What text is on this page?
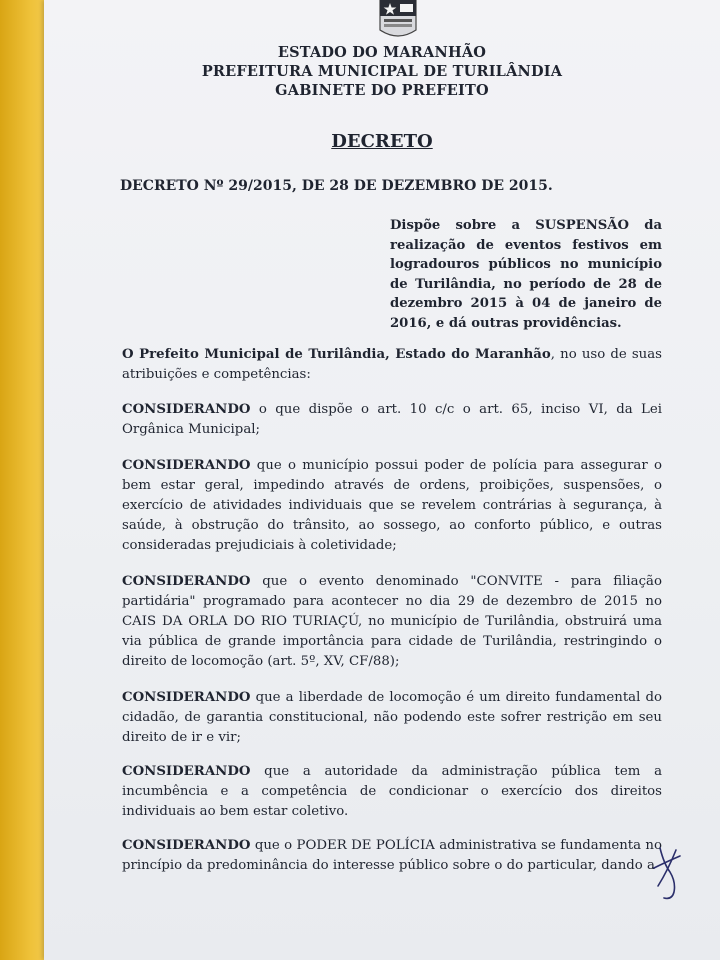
ESTADO DO MARANHÃO
PREFEITURA MUNICIPAL DE TURILÂNDIA
GABINETE DO PREFEITO
DECRETO
DECRETO Nº 29/2015, DE 28 DE DEZEMBRO DE 2015.
Dispõe sobre a SUSPENSÃO da realização de eventos festivos em logradouros públicos no município de Turilândia, no período de 28 de dezembro 2015 à 04 de janeiro de 2016, e dá outras providências.
O Prefeito Municipal de Turilândia, Estado do Maranhão, no uso de suas atribuições e competências:
CONSIDERANDO o que dispõe o art. 10 c/c o art. 65, inciso VI, da Lei Orgânica Municipal;
CONSIDERANDO que o município possui poder de polícia para assegurar o bem estar geral, impedindo através de ordens, proibições, suspensões, o exercício de atividades individuais que se revelem contrárias à segurança, à saúde, à obstrução do trânsito, ao sossego, ao conforto público, e outras consideradas prejudiciais à coletividade;
CONSIDERANDO que o evento denominado "CONVITE - para filiação partidária" programado para acontecer no dia 29 de dezembro de 2015 no CAIS DA ORLA DO RIO TURIAÇÚ, no município de Turilândia, obstruirá uma via pública de grande importância para cidade de Turilândia, restringindo o direito de locomoção (art. 5º, XV, CF/88);
CONSIDERANDO que a liberdade de locomoção é um direito fundamental do cidadão, de garantia constitucional, não podendo este sofrer restrição em seu direito de ir e vir;
CONSIDERANDO que a autoridade da administração pública tem a incumbência e a competência de condicionar o exercício dos direitos individuais ao bem estar coletivo.
CONSIDERANDO que o PODER DE POLÍCIA administrativa se fundamenta no princípio da predominância do interesse público sobre o do particular, dando a
